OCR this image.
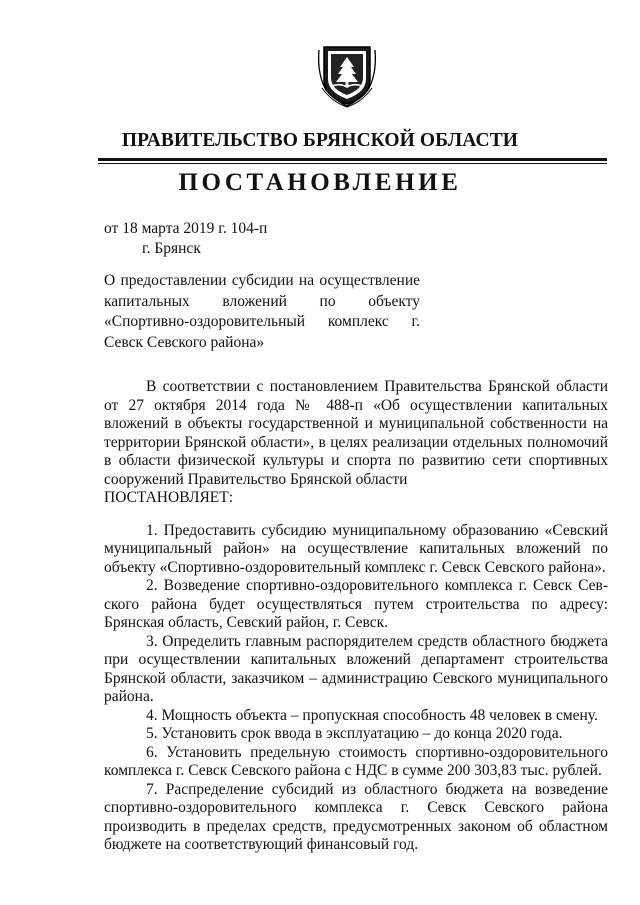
ПРАВИТЕЛЬСТВО БРЯНСКОЙ ОБЛАСТИ
ПОСТАНОВЛЕНИЕ
от 18 марта 2019 г. 104-п
г. Брянск
О предоставлении субсидии на осуществление капитальных вложений по объекту «Спортивно-оздоровительный комплекс г. Севск Севского района»

В соответствии с постановлением Правительства Брянской области от 27 октября 2014 года № 488-п «Об осуществлении капитальных вложений в объекты государственной и муниципальной собственности на территории Брянской области», в целях реализации отдельных полномочий в области физической культуры и спорта по развитию сети спортивных сооружений Правительство Брянской области

ПОСТАНОВЛЯЕТ:

1. Предоставить субсидию муниципальному образованию «Севский муниципальный район» на осуществление капитальных вложений по объекту «Спортивно-оздоровительный комплекс г. Севск Севского района».

2. Возведение спортивно-оздоровительного комплекса г. Севск Севского района будет осуществляться путем строительства по адресу: Брянская область, Севский район, г. Севск.

3. Определить главным распорядителем средств областного бюджета при осуществлении капитальных вложений департамент строительства Брянской области, заказчиком – администрацию Севского муниципального района.

4. Мощность объекта – пропускная способность 48 человек в смену.

5. Установить срок ввода в эксплуатацию – до конца 2020 года.

6. Установить предельную стоимость спортивно-оздоровительного комплекса г. Севск Севского района с НДС в сумме 200 303,83 тыс. рублей.

7. Распределение субсидий из областного бюджета на возведение спортивно-оздоровительного комплекса г. Севск Севского района производить в пределах средств, предусмотренных законом об областном бюджете на соответствующий финансовый год.
